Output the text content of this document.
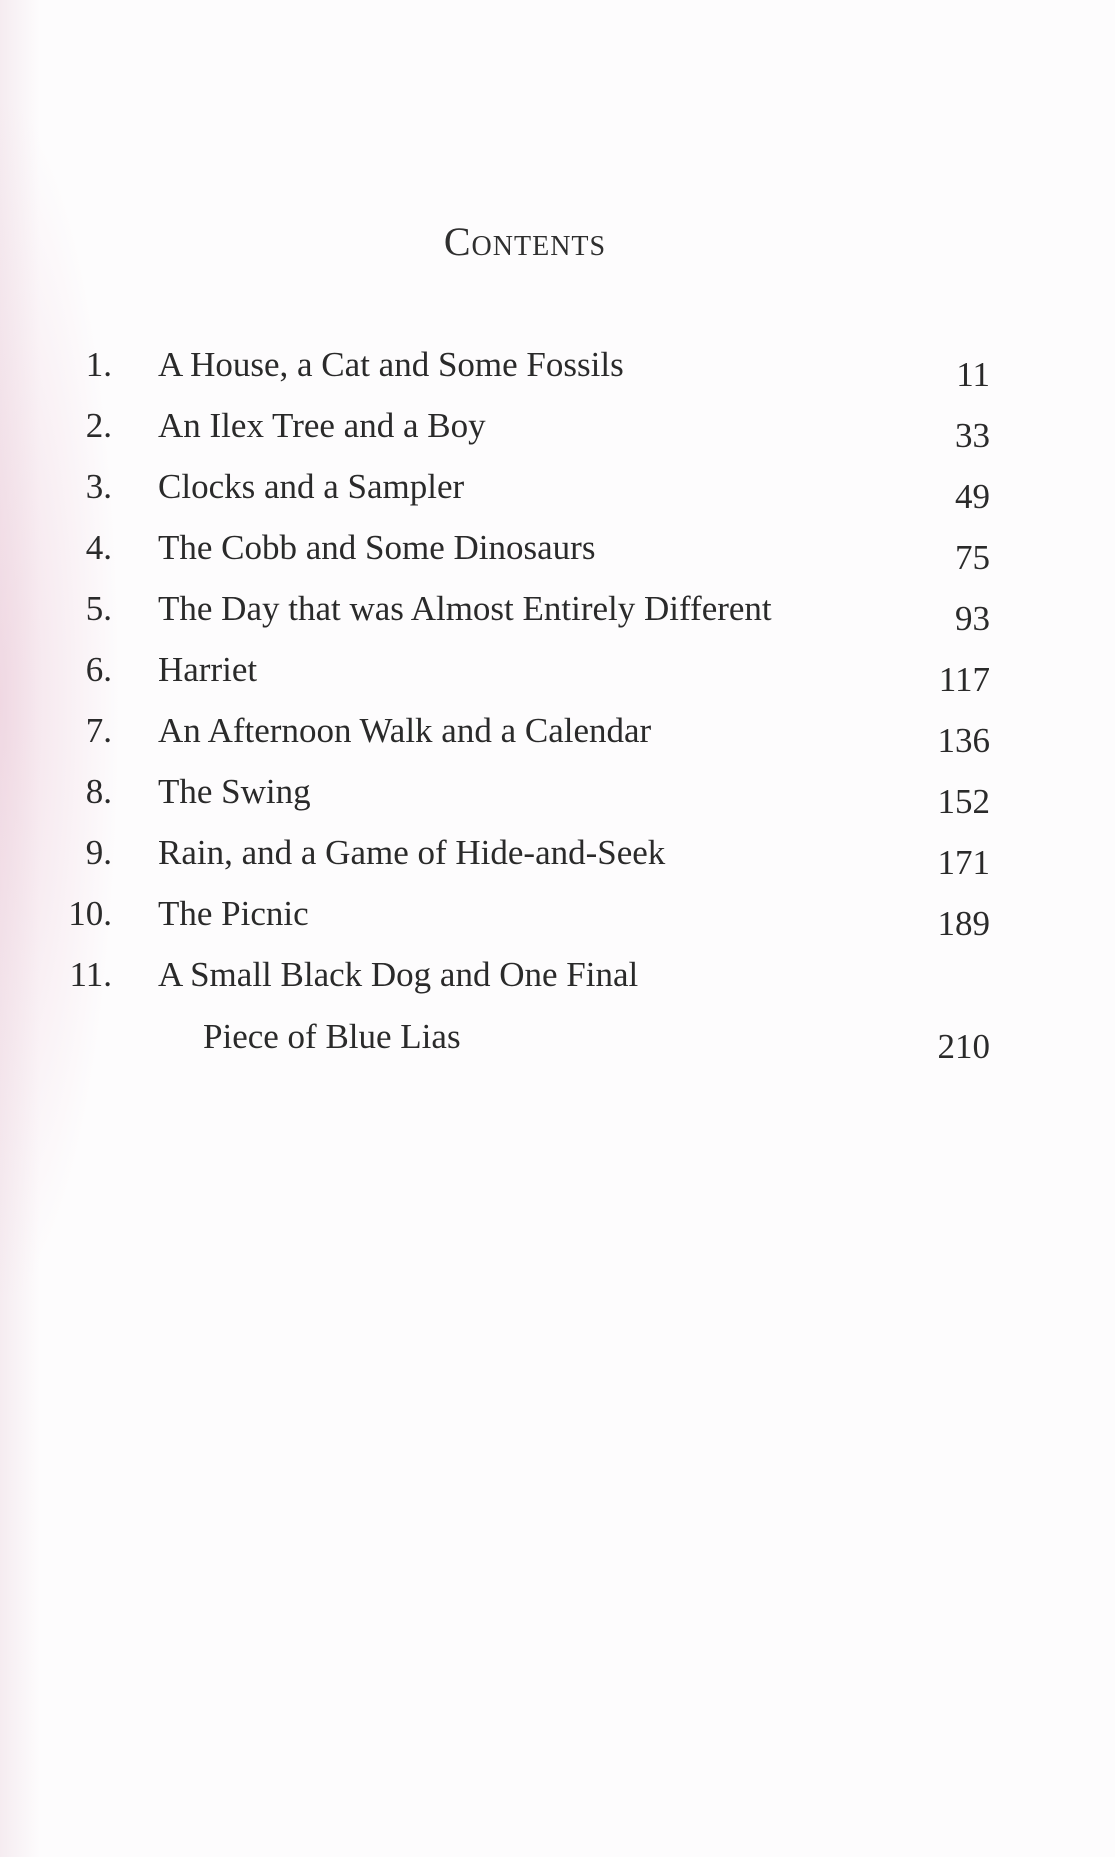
Contents
1. A House, a Cat and Some Fossils	11
2. An Ilex Tree and a Boy	33
3. Clocks and a Sampler	49
4. The Cobb and Some Dinosaurs	75
5. The Day that was Almost Entirely Different	93
6. Harriet	117
7. An Afternoon Walk and a Calendar	136
8. The Swing	152
9. Rain, and a Game of Hide-and-Seek	171
10. The Picnic	189
11. A Small Black Dog and One Final
Piece of Blue Lias	210
